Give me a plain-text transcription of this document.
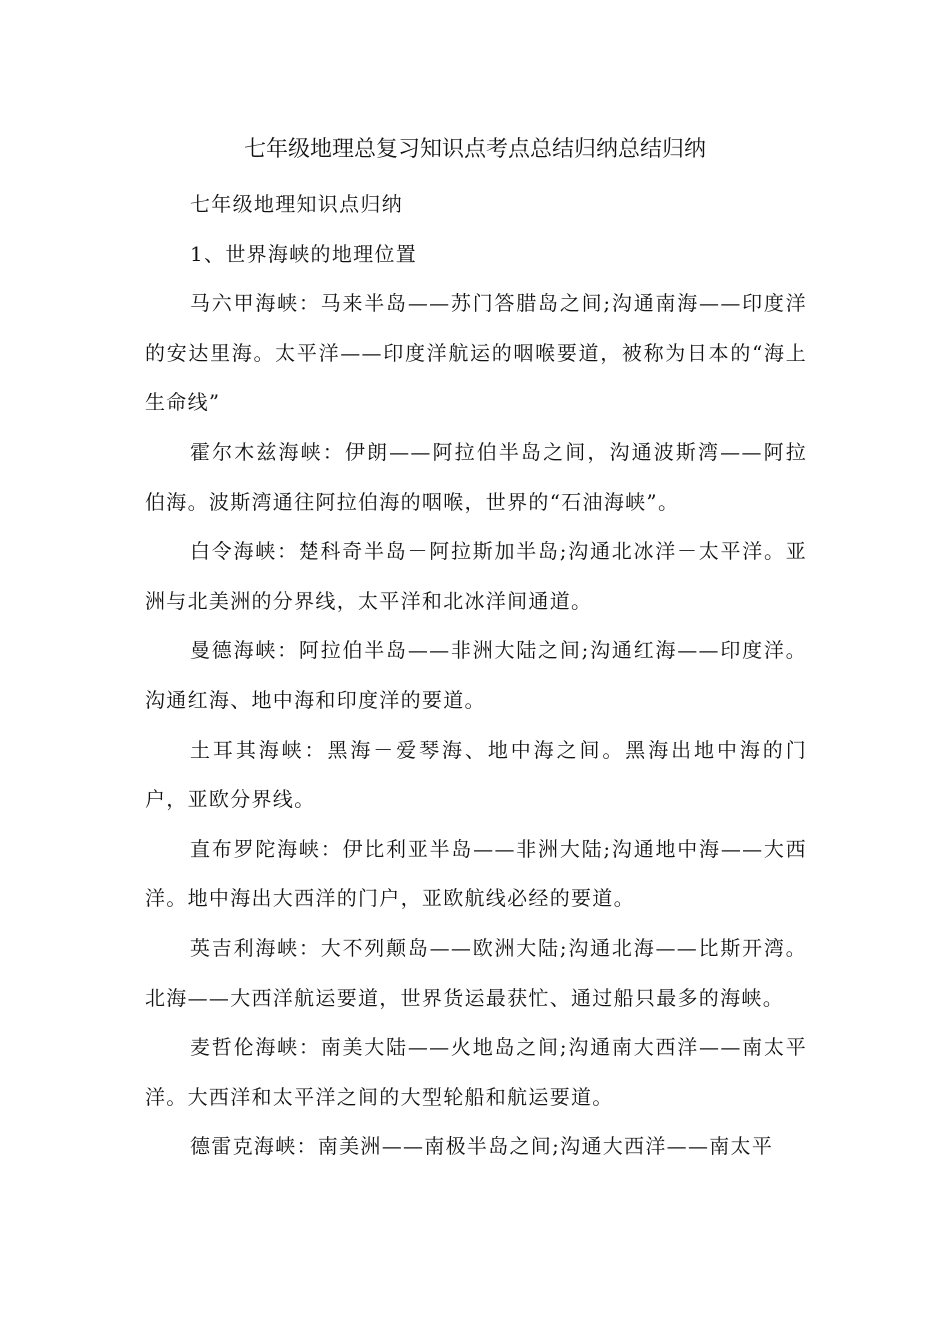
七年级地理总复习知识点考点总结归纳总结归纳

七年级地理知识点归纳

1、世界海峡的地理位置

马六甲海峡：马来半岛——苏门答腊岛之间;沟通南海——印度洋的安达里海。太平洋——印度洋航运的咽喉要道，被称为日本的“海上生命线”

霍尔木兹海峡：伊朗——阿拉伯半岛之间，沟通波斯湾——阿拉伯海。波斯湾通往阿拉伯海的咽喉，世界的“石油海峡”。

白令海峡：楚科奇半岛－阿拉斯加半岛;沟通北冰洋－太平洋。亚洲与北美洲的分界线，太平洋和北冰洋间通道。

曼德海峡：阿拉伯半岛——非洲大陆之间;沟通红海——印度洋。沟通红海、地中海和印度洋的要道。

土耳其海峡：黑海－爱琴海、地中海之间。黑海出地中海的门户，亚欧分界线。

直布罗陀海峡：伊比利亚半岛——非洲大陆;沟通地中海——大西洋。地中海出大西洋的门户，亚欧航线必经的要道。

英吉利海峡：大不列颠岛——欧洲大陆;沟通北海——比斯开湾。北海——大西洋航运要道，世界货运最获忙、通过船只最多的海峡。

麦哲伦海峡：南美大陆——火地岛之间;沟通南大西洋——南太平洋。大西洋和太平洋之间的大型轮船和航运要道。

德雷克海峡：南美洲——南极半岛之间;沟通大西洋——南太平
